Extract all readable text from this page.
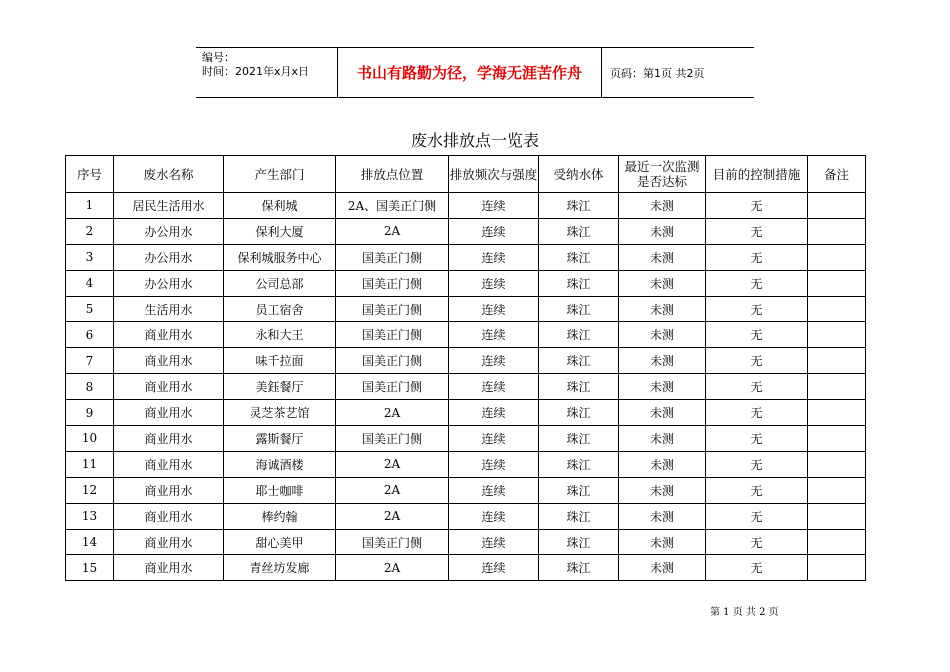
编号：
时间：2021年x月x日	书山有路勤为径，学海无涯苦作舟	页码：第1页 共2页
废水排放点一览表
序号	废水名称	产生部门	排放点位置	排放频次与强度	受纳水体	最近一次监测是否达标	目前的控制措施	备注
1	居民生活用水	保利城	2A、国美正门侧	连续	珠江	未测	无	
2	办公用水	保利大厦	2A	连续	珠江	未测	无	
3	办公用水	保利城服务中心	国美正门侧	连续	珠江	未测	无	
4	办公用水	公司总部	国美正门侧	连续	珠江	未测	无	
5	生活用水	员工宿舍	国美正门侧	连续	珠江	未测	无	
6	商业用水	永和大王	国美正门侧	连续	珠江	未测	无	
7	商业用水	味千拉面	国美正门侧	连续	珠江	未测	无	
8	商业用水	美鈺餐厅	国美正门侧	连续	珠江	未测	无	
9	商业用水	灵芝茶艺馆	2A	连续	珠江	未测	无	
10	商业用水	露斯餐厅	国美正门侧	连续	珠江	未测	无	
11	商业用水	海诚酒楼	2A	连续	珠江	未测	无	
12	商业用水	耶士咖啡	2A	连续	珠江	未测	无	
13	商业用水	棒约翰	2A	连续	珠江	未测	无	
14	商业用水	甜心美甲	国美正门侧	连续	珠江	未测	无	
15	商业用水	青丝坊发廊	2A	连续	珠江	未测	无	
第 1 页 共 2 页
